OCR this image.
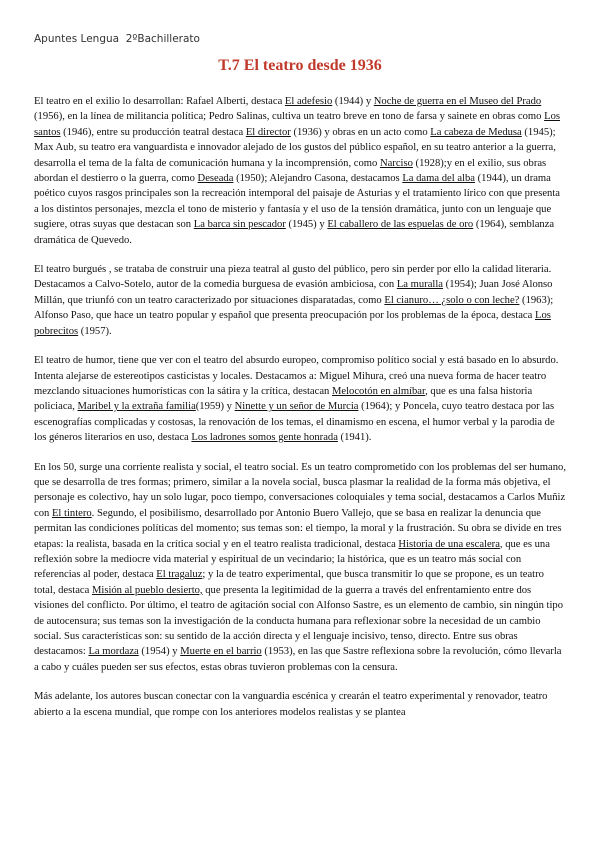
Apuntes Lengua  2ºBachillerato
T.7 El teatro desde 1936

El teatro en el exilio lo desarrollan: Rafael Alberti, destaca El adefesio (1944) y Noche de guerra en el Museo del Prado (1956), en la línea de militancia política; Pedro Salinas, cultiva un teatro breve en tono de farsa y sainete en obras como Los santos (1946), entre su producción teatral destaca El director (1936) y obras en un acto como La cabeza de Medusa (1945); Max Aub, su teatro era vanguardista e innovador alejado de los gustos del público español, en su teatro anterior a la guerra, desarrolla el tema de la falta de comunicación humana y la incomprensión, como Narciso (1928);y en el exilio, sus obras abordan el destierro o la guerra, como Deseada (1950); Alejandro Casona, destacamos La dama del alba (1944), un drama poético cuyos rasgos principales son la recreación intemporal del paisaje de Asturias y el tratamiento lírico con que presenta a los distintos personajes, mezcla el tono de misterio y fantasía y el uso de la tensión dramática, junto con un lenguaje que sugiere, otras suyas que destacan son La barca sin pescador (1945) y El caballero de las espuelas de oro (1964), semblanza dramática de Quevedo.

El teatro burgués , se trataba de construir una pieza teatral al gusto del público, pero sin perder por ello la calidad literaria. Destacamos a Calvo-Sotelo, autor de la comedia burguesa de evasión ambiciosa, con La muralla (1954); Juan José Alonso Millán, que triunfó con un teatro caracterizado por situaciones disparatadas, como El cianuro… ¿solo o con leche? (1963); Alfonso Paso, que hace un teatro popular y español que presenta preocupación por los problemas de la época, destaca Los pobrecitos (1957).

El teatro de humor, tiene que ver con el teatro del absurdo europeo, compromiso político social y está basado en lo absurdo. Intenta alejarse de estereotipos casticistas y locales. Destacamos a: Miguel Mihura, creó una nueva forma de hacer teatro mezclando situaciones humorísticas con la sátira y la crítica, destacan Melocotón en almíbar, que es una falsa historia policiaca, Maribel y la extraña familia(1959) y Ninette y un señor de Murcia (1964); y Poncela, cuyo teatro destaca por las escenografías complicadas y costosas, la renovación de los temas, el dinamismo en escena, el humor verbal y la parodia de los géneros literarios en uso, destaca Los ladrones somos gente honrada (1941).

En los 50, surge una corriente realista y social, el teatro social. Es un teatro comprometido con los problemas del ser humano, que se desarrolla de tres formas; primero, similar a la novela social, busca plasmar la realidad de la forma más objetiva, el personaje es colectivo, hay un solo lugar, poco tiempo, conversaciones coloquiales y tema social, destacamos a Carlos Muñiz con El tintero. Segundo, el posibilismo, desarrollado por Antonio Buero Vallejo, que se basa en realizar la denuncia que permitan las condiciones políticas del momento; sus temas son: el tiempo, la moral y la frustración. Su obra se divide en tres etapas: la realista, basada en la crítica social y en el teatro realista tradicional, destaca Historia de una escalera, que es una reflexión sobre la mediocre vida material y espiritual de un vecindario; la histórica, que es un teatro más social con referencias al poder, destaca El tragaluz; y la de teatro experimental, que busca transmitir lo que se propone, es un teatro total, destaca Misión al pueblo desierto, que presenta la legitimidad de la guerra a través del enfrentamiento entre dos visiones del conflicto. Por último, el teatro de agitación social con Alfonso Sastre, es un elemento de cambio, sin ningún tipo de autocensura; sus temas son la investigación de la conducta humana para reflexionar sobre la necesidad de un cambio social. Sus características son: su sentido de la acción directa y el lenguaje incisivo, tenso, directo. Entre sus obras destacamos: La mordaza (1954) y Muerte en el barrio (1953), en las que Sastre reflexiona sobre la revolución, cómo llevarla a cabo y cuáles pueden ser sus efectos, estas obras tuvieron problemas con la censura.

Más adelante, los autores buscan conectar con la vanguardia escénica y crearán el teatro experimental y renovador, teatro abierto a la escena mundial, que rompe con los anteriores modelos realistas y se plantea
